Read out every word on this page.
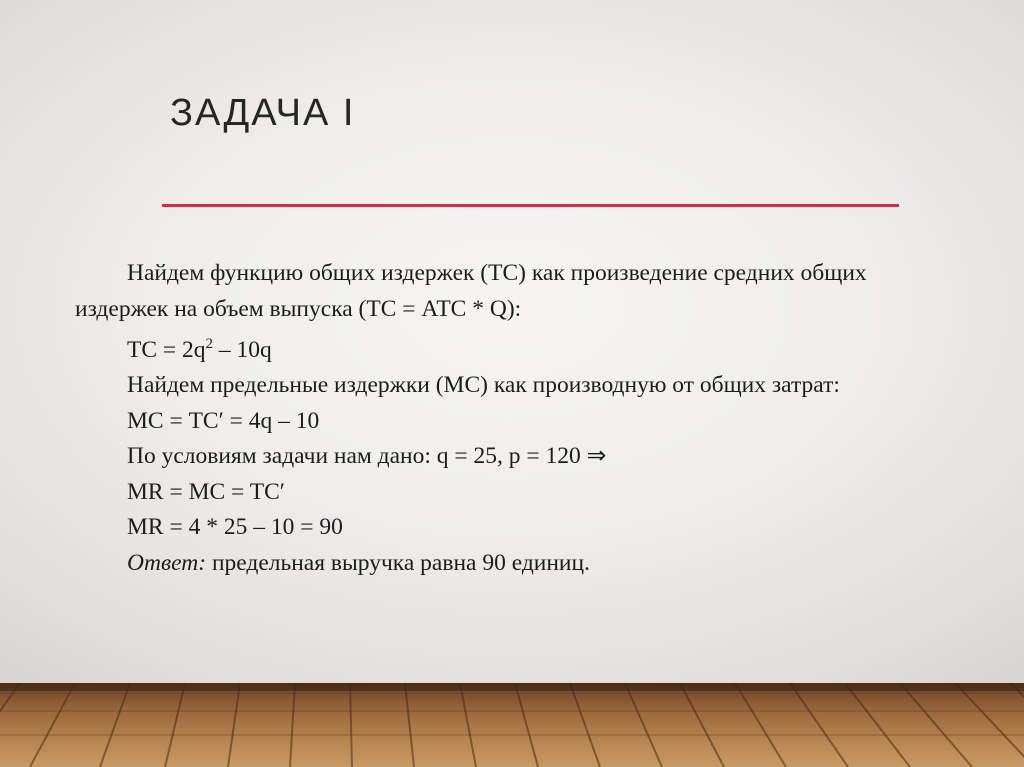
ЗАДАЧА I

Найдем функцию общих издержек (ТС) как произведение средних общих издержек на объем выпуска (ТС = АТС * Q):

ТС = $2q^2 - 10q$

Найдем предельные издержки (МС) как производную от общих затрат:

МС = ТС′ = 4q – 10

По условиям задачи нам дано: q = 25, p = 120 ⇒

MR = MC = TC′

MR = 4 * 25 – 10 = 90

Ответ: предельная выручка равна 90 единиц.
